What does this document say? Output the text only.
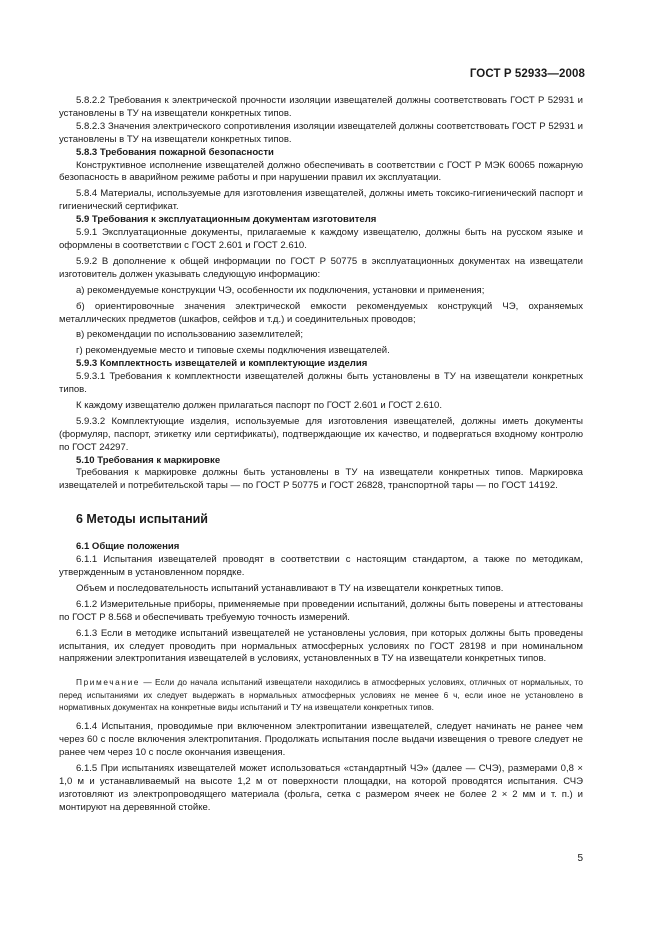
ГОСТ Р 52933—2008

5.8.2.2 Требования к электрической прочности изоляции извещателей должны соответствовать ГОСТ Р 52931 и установлены в ТУ на извещатели конкретных типов.

5.8.2.3 Значения электрического сопротивления изоляции извещателей должны соответствовать ГОСТ Р 52931 и установлены в ТУ на извещатели конкретных типов.

5.8.3 Требования пожарной безопасности

Конструктивное исполнение извещателей должно обеспечивать в соответствии с ГОСТ Р МЭК 60065 пожарную безопасность в аварийном режиме работы и при нарушении правил их эксплуатации.

5.8.4 Материалы, используемые для изготовления извещателей, должны иметь токсико-гигиенический паспорт и гигиенический сертификат.

5.9 Требования к эксплуатационным документам изготовителя

5.9.1 Эксплуатационные документы, прилагаемые к каждому извещателю, должны быть на русском языке и оформлены в соответствии с ГОСТ 2.601 и ГОСТ 2.610.

5.9.2 В дополнение к общей информации по ГОСТ Р 50775 в эксплуатационных документах на извещатели изготовитель должен указывать следующую информацию:

а) рекомендуемые конструкции ЧЭ, особенности их подключения, установки и применения;

б) ориентировочные значения электрической емкости рекомендуемых конструкций ЧЭ, охраняемых металлических предметов (шкафов, сейфов и т.д.) и соединительных проводов;

в) рекомендации по использованию заземлителей;

г) рекомендуемые место и типовые схемы подключения извещателей.

5.9.3 Комплектность извещателей и комплектующие изделия

5.9.3.1 Требования к комплектности извещателей должны быть установлены в ТУ на извещатели конкретных типов.

К каждому извещателю должен прилагаться паспорт по ГОСТ 2.601 и ГОСТ 2.610.

5.9.3.2 Комплектующие изделия, используемые для изготовления извещателей, должны иметь документы (формуляр, паспорт, этикетку или сертификаты), подтверждающие их качество, и подвергаться входному контролю по ГОСТ 24297.

5.10 Требования к маркировке

Требования к маркировке должны быть установлены в ТУ на извещатели конкретных типов. Маркировка извещателей и потребительской тары — по ГОСТ Р 50775 и ГОСТ 26828, транспортной тары — по ГОСТ 14192.

6 Методы испытаний

6.1 Общие положения

6.1.1 Испытания извещателей проводят в соответствии с настоящим стандартом, а также по методикам, утвержденным в установленном порядке.

Объем и последовательность испытаний устанавливают в ТУ на извещатели конкретных типов.

6.1.2 Измерительные приборы, применяемые при проведении испытаний, должны быть поверены и аттестованы по ГОСТ Р 8.568 и обеспечивать требуемую точность измерений.

6.1.3 Если в методике испытаний извещателей не установлены условия, при которых должны быть проведены испытания, их следует проводить при нормальных атмосферных условиях по ГОСТ 28198 и при номинальном напряжении электропитания извещателей в условиях, установленных в ТУ на извещатели конкретных типов.

Примечание — Если до начала испытаний извещатели находились в атмосферных условиях, отличных от нормальных, то перед испытаниями их следует выдержать в нормальных атмосферных условиях не менее 6 ч, если иное не установлено в нормативных документах на конкретные виды испытаний и ТУ на извещатели конкретных типов.

6.1.4 Испытания, проводимые при включенном электропитании извещателей, следует начинать не ранее чем через 60 с после включения электропитания. Продолжать испытания после выдачи извещения о тревоге следует не ранее чем через 10 с после окончания извещения.

6.1.5 При испытаниях извещателей может использоваться «стандартный ЧЭ» (далее — СЧЭ), размерами 0,8 × 1,0 м и устанавливаемый на высоте 1,2 м от поверхности площадки, на которой проводятся испытания. СЧЭ изготовляют из электропроводящего материала (фольга, сетка с размером ячеек не более 2 × 2 мм и т. п.) и монтируют на деревянной стойке.

5
